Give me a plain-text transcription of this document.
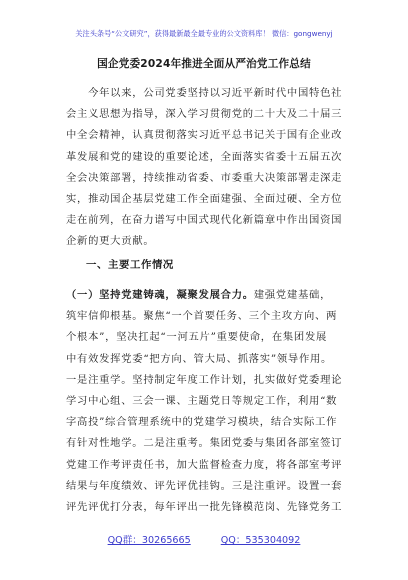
关注头条号“公文研究”，获得最新最全最专业的公文资料库！ 微信：gongwenyj
国企党委2024年推进全面从严治党工作总结
　　今年以来，公司党委坚持以习近平新时代中国特色社
会主义思想为指导，深入学习贯彻党的二十大及二十届三
中全会精神，认真贯彻落实习近平总书记关于国有企业改
革发展和党的建设的重要论述，全面落实省委十五届五次
全会决策部署，持续推动省委、市委重大决策部署走深走
实，推动国企基层党建工作全面建强、全面过硬、全方位
走在前列，在奋力谱写中国式现代化新篇章中作出国资国
企新的更大贡献。
一、主要工作情况
（一）坚持党建铸魂，凝聚发展合力。建强党建基础，
筑牢信仰根基。聚焦“一个首要任务、三个主攻方向、两
个根本”，坚决扛起“一河五片”重要使命，在集团发展
中有效发挥党委“把方向、管大局、抓落实”领导作用。
一是注重学。坚持制定年度工作计划，扎实做好党委理论
学习中心组、三会一课、主题党日等规定工作，利用“数
字高投”综合管理系统中的党建学习模块，结合实际工作
有针对性地学。二是注重考。集团党委与集团各部室签订
党建工作考评责任书，加大监督检查力度，将各部室考评
结果与年度绩效、评先评优挂钩。三是注重评。设置一套
评先评优打分表，每年评出一批先锋模范岗、先锋党务工
QQ群：30265665	QQ：535304092
